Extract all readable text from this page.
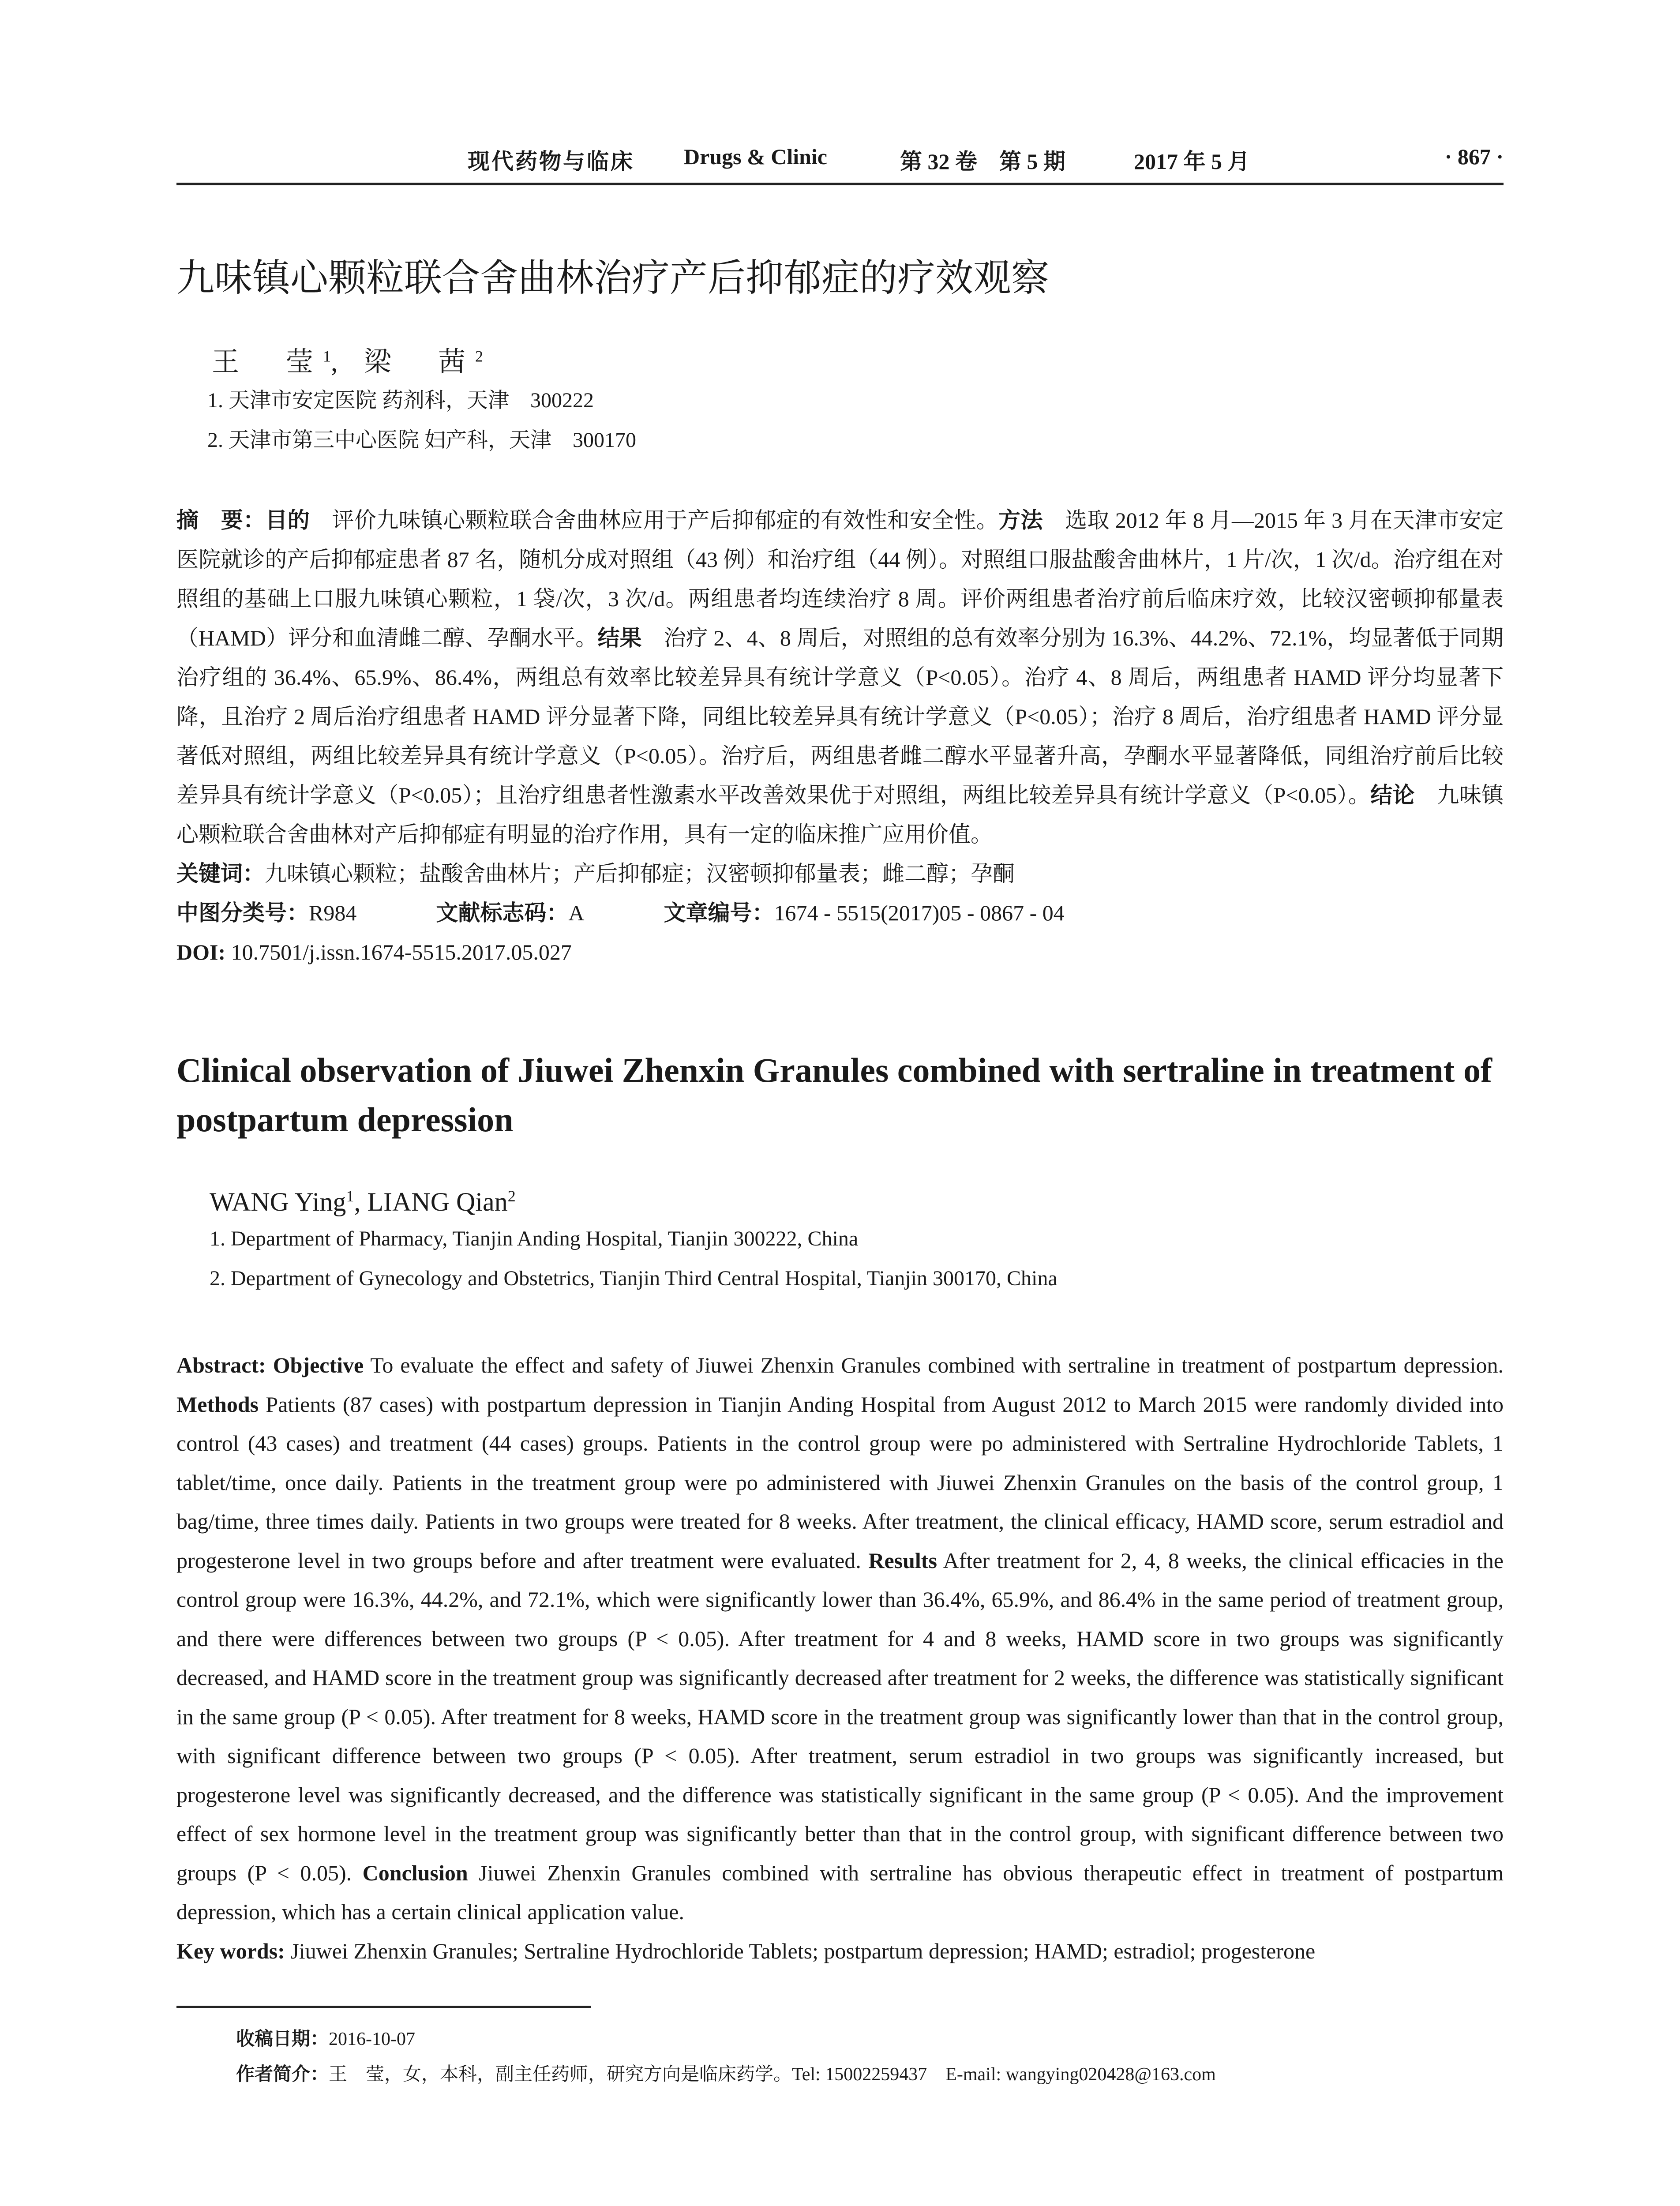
现代药物与临床 Drugs & Clinic	第 32 卷　第 5 期	2017 年 5 月	· 867 ·
九味镇心颗粒联合舍曲林治疗产后抑郁症的疗效观察
王　莹$^1$, 梁　茜$^2$
1. 天津市安定医院 药剂科，天津　300222
2. 天津市第三中心医院 妇产科，天津　300170
摘　要：目的　评价九味镇心颗粒联合舍曲林应用于产后抑郁症的有效性和安全性。方法　选取 2012 年 8 月—2015 年 3 月在天津市安定医院就诊的产后抑郁症患者 87 名，随机分成对照组（43 例）和治疗组（44 例）。对照组口服盐酸舍曲林片，1 片/次，1 次/d。治疗组在对照组的基础上口服九味镇心颗粒，1 袋/次，3 次/d。两组患者均连续治疗 8 周。评价两组患者治疗前后临床疗效，比较汉密顿抑郁量表（HAMD）评分和血清雌二醇、孕酮水平。结果　治疗 2、4、8 周后，对照组的总有效率分别为 16.3%、44.2%、72.1%，均显著低于同期治疗组的 36.4%、65.9%、86.4%，两组总有效率比较差异具有统计学意义（P<0.05）。治疗 4、8 周后，两组患者 HAMD 评分均显著下降，且治疗 2 周后治疗组患者 HAMD 评分显著下降，同组比较差异具有统计学意义（P<0.05）；治疗 8 周后，治疗组患者 HAMD 评分显著低对照组，两组比较差异具有统计学意义（P<0.05）。治疗后，两组患者雌二醇水平显著升高，孕酮水平显著降低，同组治疗前后比较差异具有统计学意义（P<0.05）；且治疗组患者性激素水平改善效果优于对照组，两组比较差异具有统计学意义（P<0.05）。结论　九味镇心颗粒联合舍曲林对产后抑郁症有明显的治疗作用，具有一定的临床推广应用价值。
关键词：九味镇心颗粒；盐酸舍曲林片；产后抑郁症；汉密顿抑郁量表；雌二醇；孕酮
中图分类号：R984	文献标志码：A	文章编号：1674 - 5515(2017)05 - 0867 - 04
DOI: 10.7501/j.issn.1674-5515.2017.05.027
Clinical observation of Jiuwei Zhenxin Granules combined with sertraline in treatment of postpartum depression
WANG Ying$^1$, LIANG Qian$^2$
1. Department of Pharmacy, Tianjin Anding Hospital, Tianjin 300222, China
2. Department of Gynecology and Obstetrics, Tianjin Third Central Hospital, Tianjin 300170, China
Abstract: Objective To evaluate the effect and safety of Jiuwei Zhenxin Granules combined with sertraline in treatment of postpartum depression. Methods Patients (87 cases) with postpartum depression in Tianjin Anding Hospital from August 2012 to March 2015 were randomly divided into control (43 cases) and treatment (44 cases) groups. Patients in the control group were po administered with Sertraline Hydrochloride Tablets, 1 tablet/time, once daily. Patients in the treatment group were po administered with Jiuwei Zhenxin Granules on the basis of the control group, 1 bag/time, three times daily. Patients in two groups were treated for 8 weeks. After treatment, the clinical efficacy, HAMD score, serum estradiol and progesterone level in two groups before and after treatment were evaluated. Results After treatment for 2, 4, 8 weeks, the clinical efficacies in the control group were 16.3%, 44.2%, and 72.1%, which were significantly lower than 36.4%, 65.9%, and 86.4% in the same period of treatment group, and there were differences between two groups (P < 0.05). After treatment for 4 and 8 weeks, HAMD score in two groups was significantly decreased, and HAMD score in the treatment group was significantly decreased after treatment for 2 weeks, the difference was statistically significant in the same group (P < 0.05). After treatment for 8 weeks, HAMD score in the treatment group was significantly lower than that in the control group, with significant difference between two groups (P < 0.05). After treatment, serum estradiol in two groups was significantly increased, but progesterone level was significantly decreased, and the difference was statistically significant in the same group (P < 0.05). And the improvement effect of sex hormone level in the treatment group was significantly better than that in the control group, with significant difference between two groups (P < 0.05). Conclusion Jiuwei Zhenxin Granules combined with sertraline has obvious therapeutic effect in treatment of postpartum depression, which has a certain clinical application value.
Key words: Jiuwei Zhenxin Granules; Sertraline Hydrochloride Tablets; postpartum depression; HAMD; estradiol; progesterone
收稿日期：2016-10-07
作者简介：王　莹，女，本科，副主任药师，研究方向是临床药学。Tel: 15002259437　E-mail: wangying020428@163.com
